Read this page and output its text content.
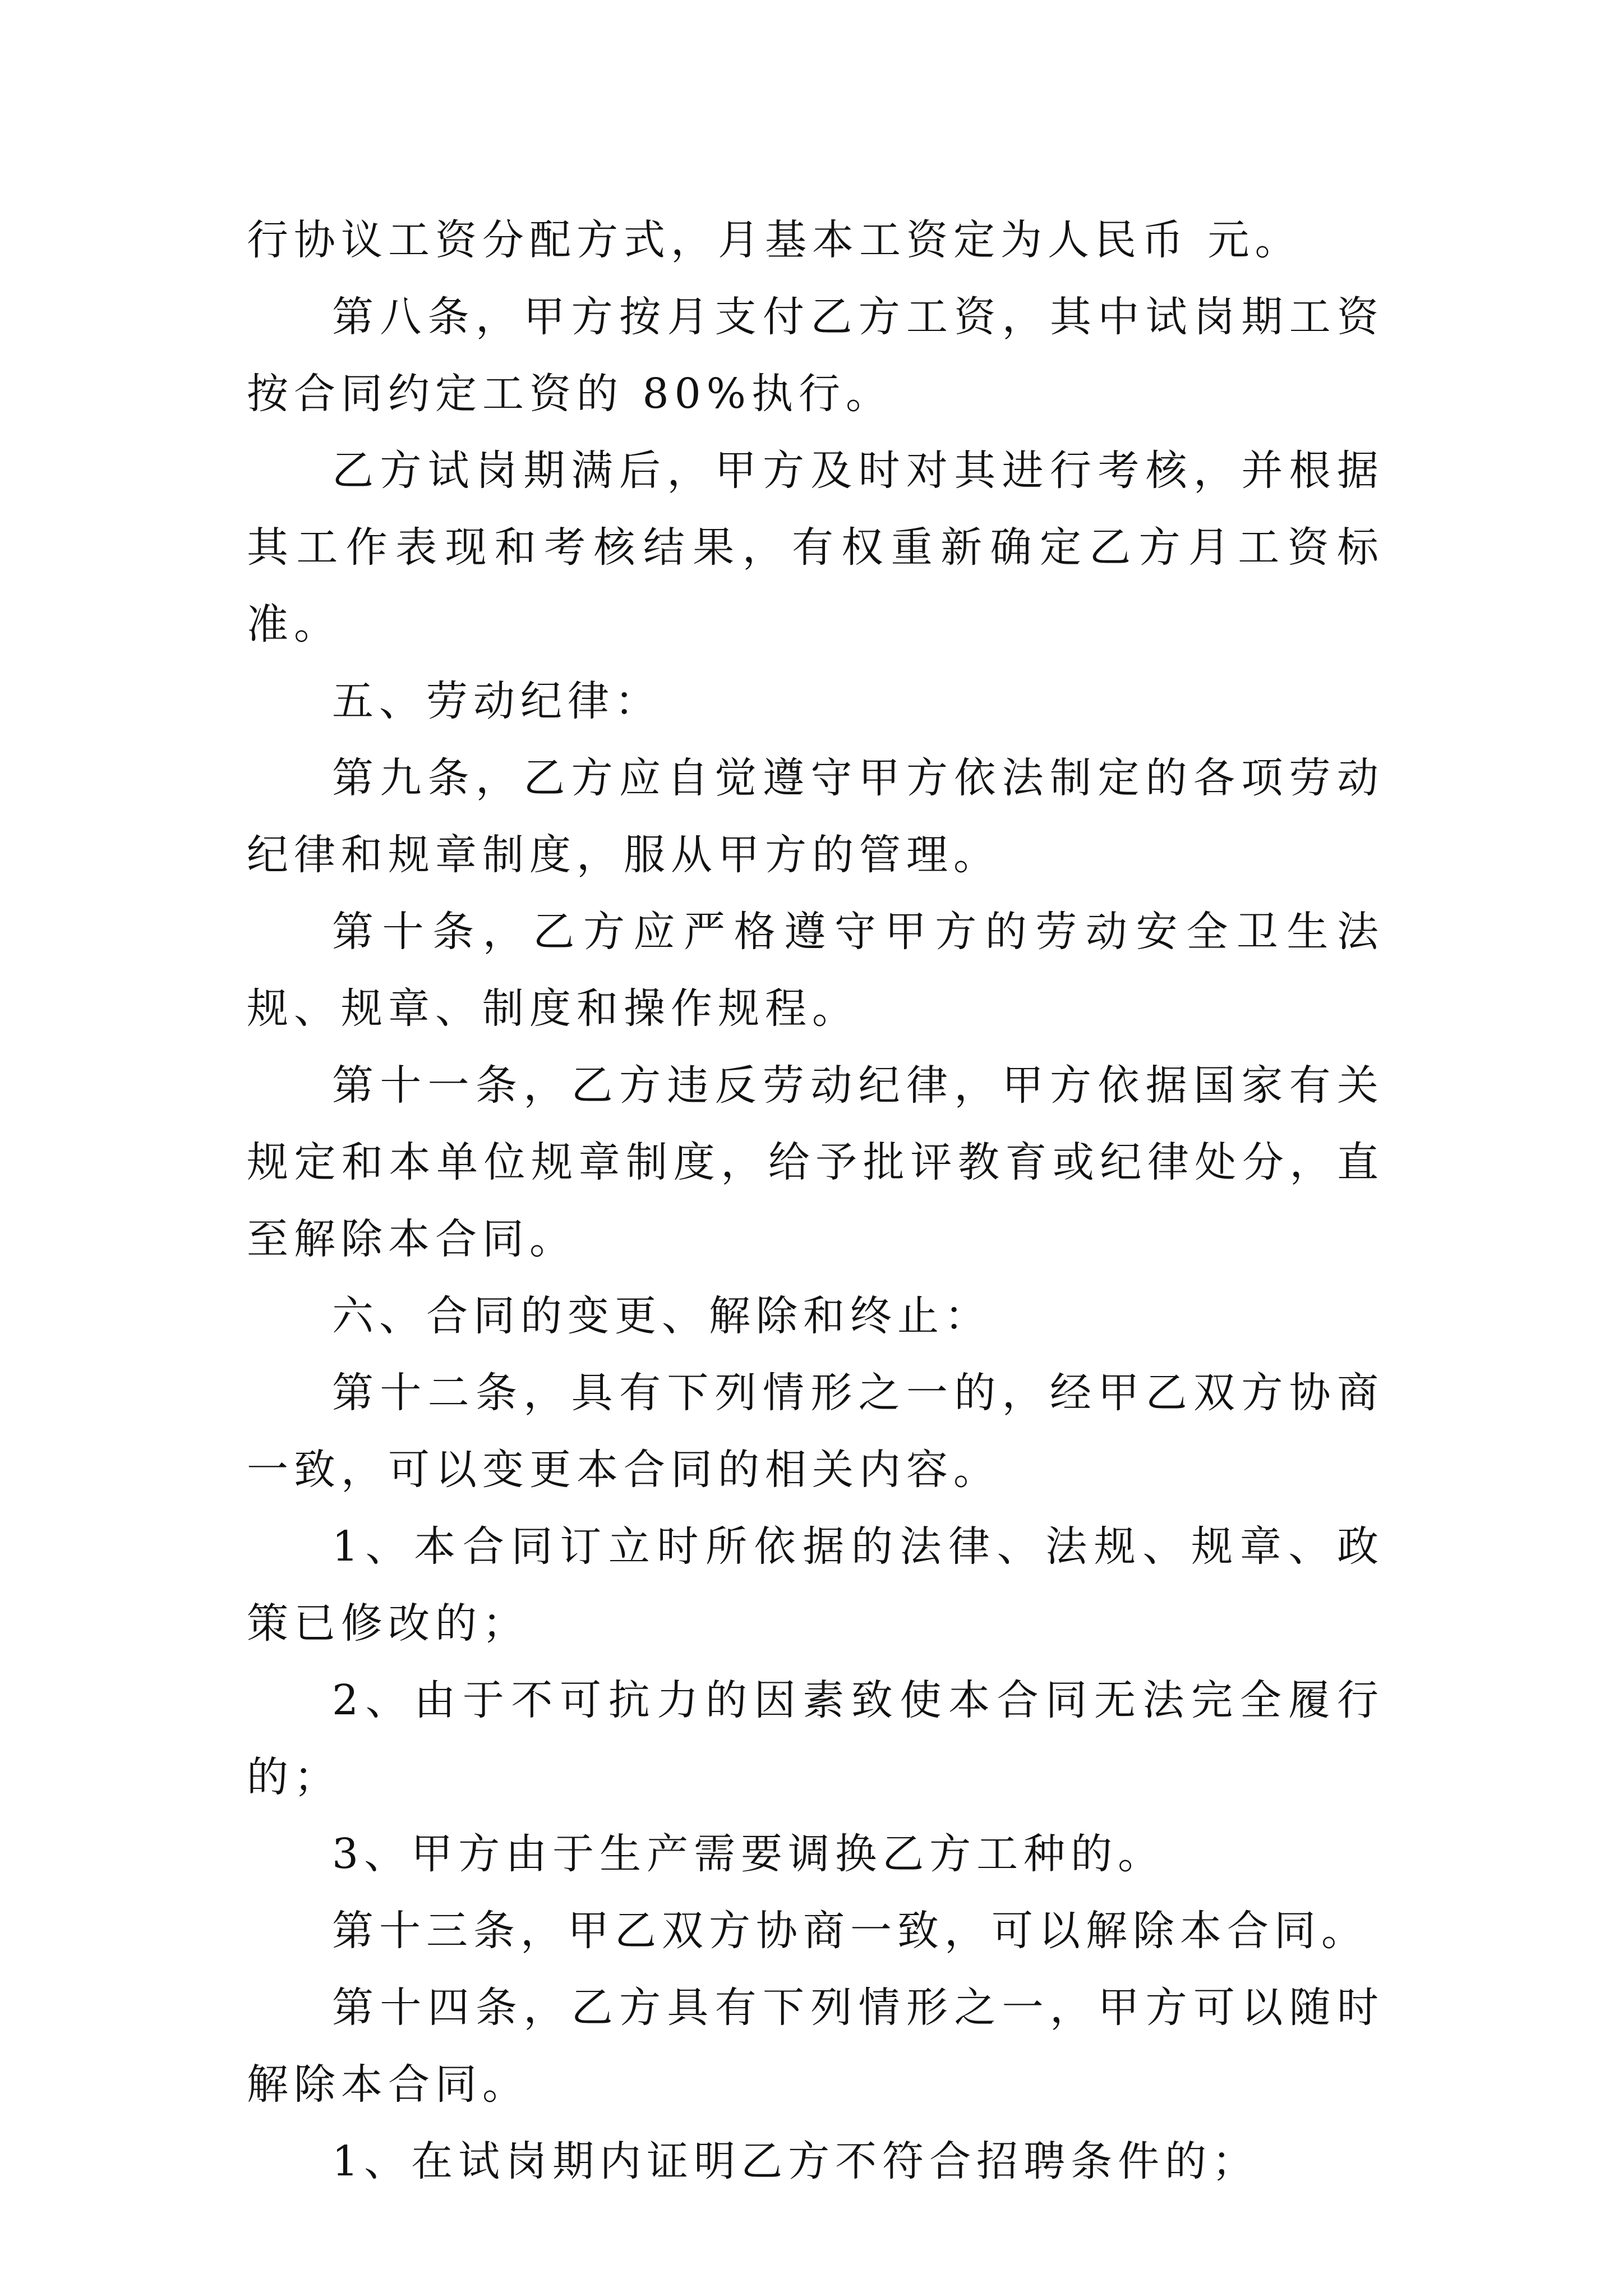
行协议工资分配方式，月基本工资定为人民币 元。

第八条，甲方按月支付乙方工资，其中试岗期工资按合同约定工资的 80%执行。

乙方试岗期满后，甲方及时对其进行考核，并根据其工作表现和考核结果，有权重新确定乙方月工资标准。

五、劳动纪律：

第九条，乙方应自觉遵守甲方依法制定的各项劳动纪律和规章制度，服从甲方的管理。

第十条，乙方应严格遵守甲方的劳动安全卫生法规、规章、制度和操作规程。

第十一条，乙方违反劳动纪律，甲方依据国家有关规定和本单位规章制度，给予批评教育或纪律处分，直至解除本合同。

六、合同的变更、解除和终止：

第十二条，具有下列情形之一的，经甲乙双方协商一致，可以变更本合同的相关内容。

1、本合同订立时所依据的法律、法规、规章、政策已修改的；

2、由于不可抗力的因素致使本合同无法完全履行的；

3、甲方由于生产需要调换乙方工种的。

第十三条，甲乙双方协商一致，可以解除本合同。

第十四条，乙方具有下列情形之一，甲方可以随时解除本合同。

1、在试岗期内证明乙方不符合招聘条件的；
